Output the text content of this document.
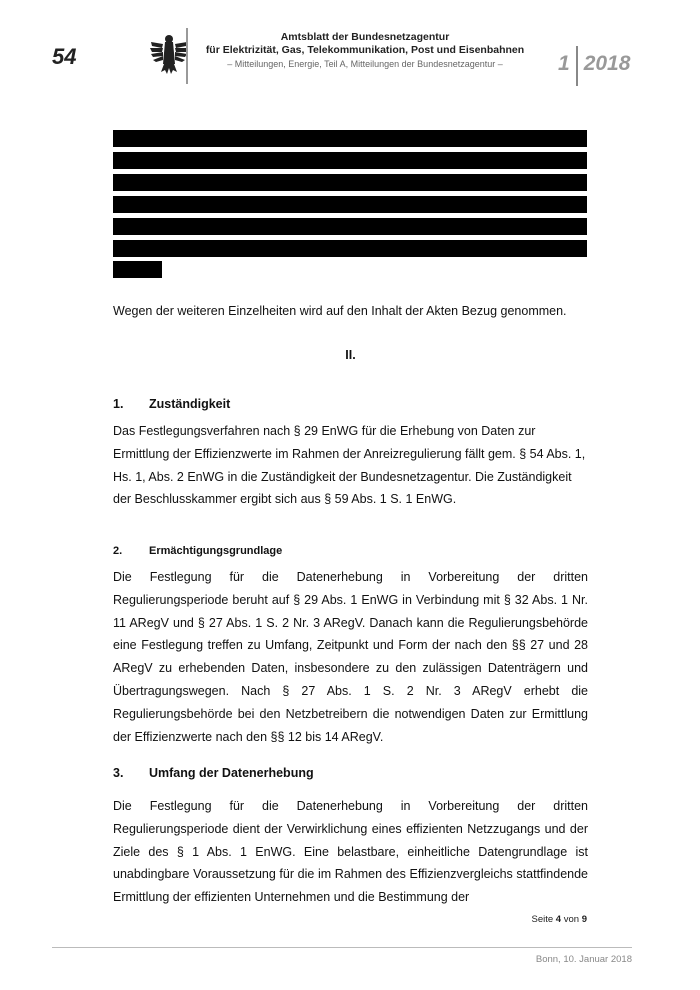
54
Amtsblatt der Bundesnetzagentur
für Elektrizität, Gas, Telekommunikation, Post und Eisenbahnen
– Mitteilungen, Energie, Teil A, Mitteilungen der Bundesnetzagentur –	1 2018
Wegen der weiteren Einzelheiten wird auf den Inhalt der Akten Bezug genommen.
II.
1. Zuständigkeit
Das Festlegungsverfahren nach § 29 EnWG für die Erhebung von Daten zur Ermittlung der Effizienzwerte im Rahmen der Anreizregulierung fällt gem. § 54 Abs. 1, Hs. 1, Abs. 2 EnWG in die Zuständigkeit der Bundesnetzagentur. Die Zuständigkeit der Beschlusskammer ergibt sich aus § 59 Abs. 1 S. 1 EnWG.
2. Ermächtigungsgrundlage
Die Festlegung für die Datenerhebung in Vorbereitung der dritten Regulierungsperiode beruht auf § 29 Abs. 1 EnWG in Verbindung mit § 32 Abs. 1 Nr. 11 ARegV und § 27 Abs. 1 S. 2 Nr. 3 ARegV. Danach kann die Regulierungsbehörde eine Festlegung treffen zu Umfang, Zeitpunkt und Form der nach den §§ 27 und 28 ARegV zu erhebenden Daten, insbesondere zu den zulässigen Datenträgern und Übertragungswegen. Nach § 27 Abs. 1 S. 2 Nr. 3 ARegV erhebt die Regulierungsbehörde bei den Netzbetreibern die notwendigen Daten zur Ermittlung der Effizienzwerte nach den §§ 12 bis 14 ARegV.
3. Umfang der Datenerhebung
Die Festlegung für die Datenerhebung in Vorbereitung der dritten Regulierungsperiode dient der Verwirklichung eines effizienten Netzzugangs und der Ziele des § 1 Abs. 1 EnWG. Eine belastbare, einheitliche Datengrundlage ist unabdingbare Voraussetzung für die im Rahmen des Effizienzvergleichs stattfindende Ermittlung der effizienten Unternehmen und die Bestimmung der
Seite 4 von 9
Bonn, 10. Januar 2018
